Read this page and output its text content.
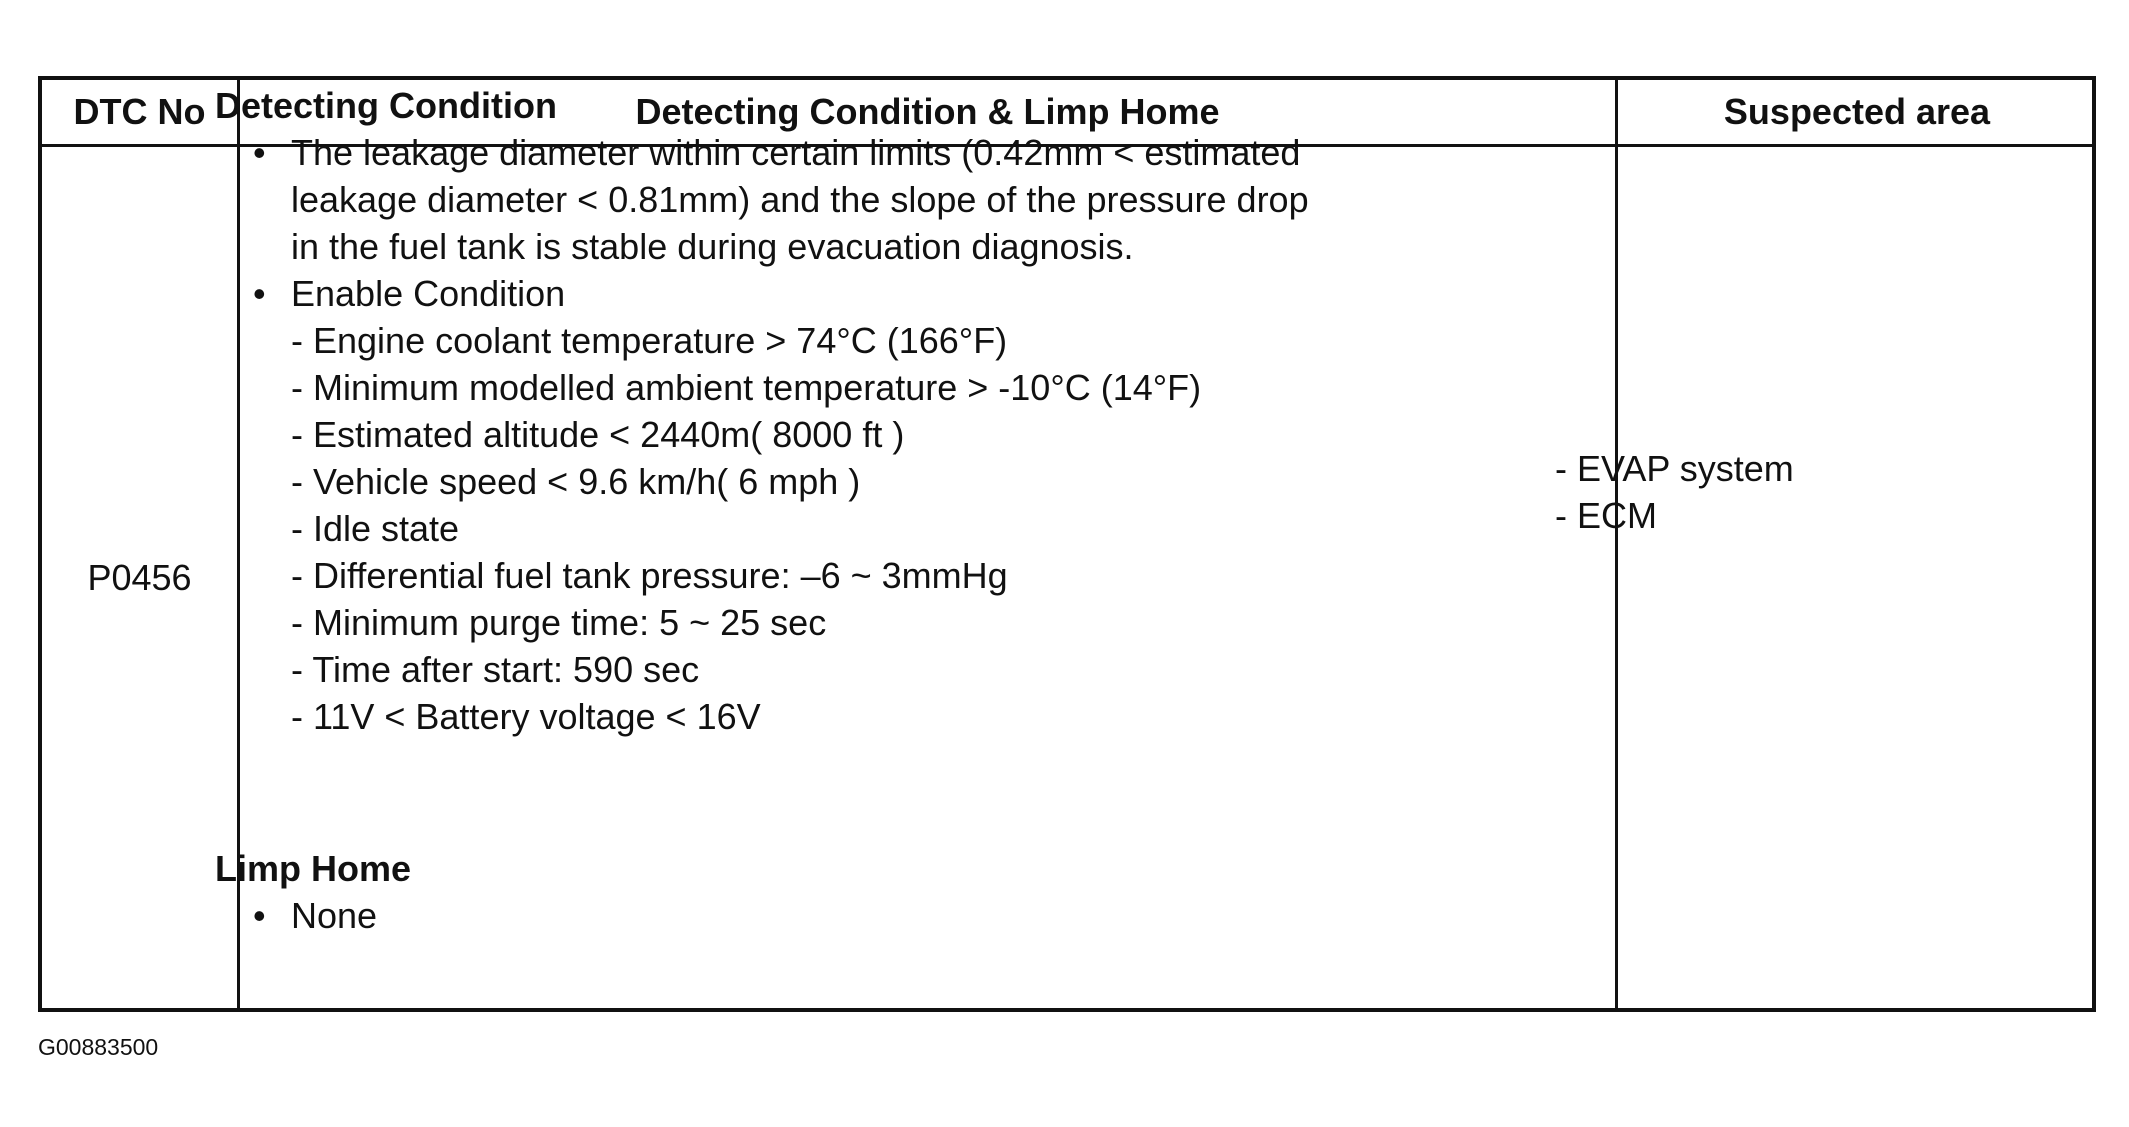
DTC No	Detecting Condition & Limp Home	Suspected area
P0456
Detecting Condition
• The leakage diameter within certain limits (0.42mm < estimated
leakage diameter < 0.81mm) and the slope of the pressure drop
in the fuel tank is stable during evacuation diagnosis.
• Enable Condition
- Engine coolant temperature > 74°C (166°F)
- Minimum modelled ambient temperature > -10°C (14°F)
- Estimated altitude < 2440m( 8000 ft )
- Vehicle speed < 9.6 km/h( 6 mph )
- Idle state
- Differential fuel tank pressure: –6 ~ 3mmHg
- Minimum purge time: 5 ~ 25 sec
- Time after start: 590 sec
- 11V < Battery voltage < 16V
Limp Home
• None
- EVAP system
- ECM
G00883500
